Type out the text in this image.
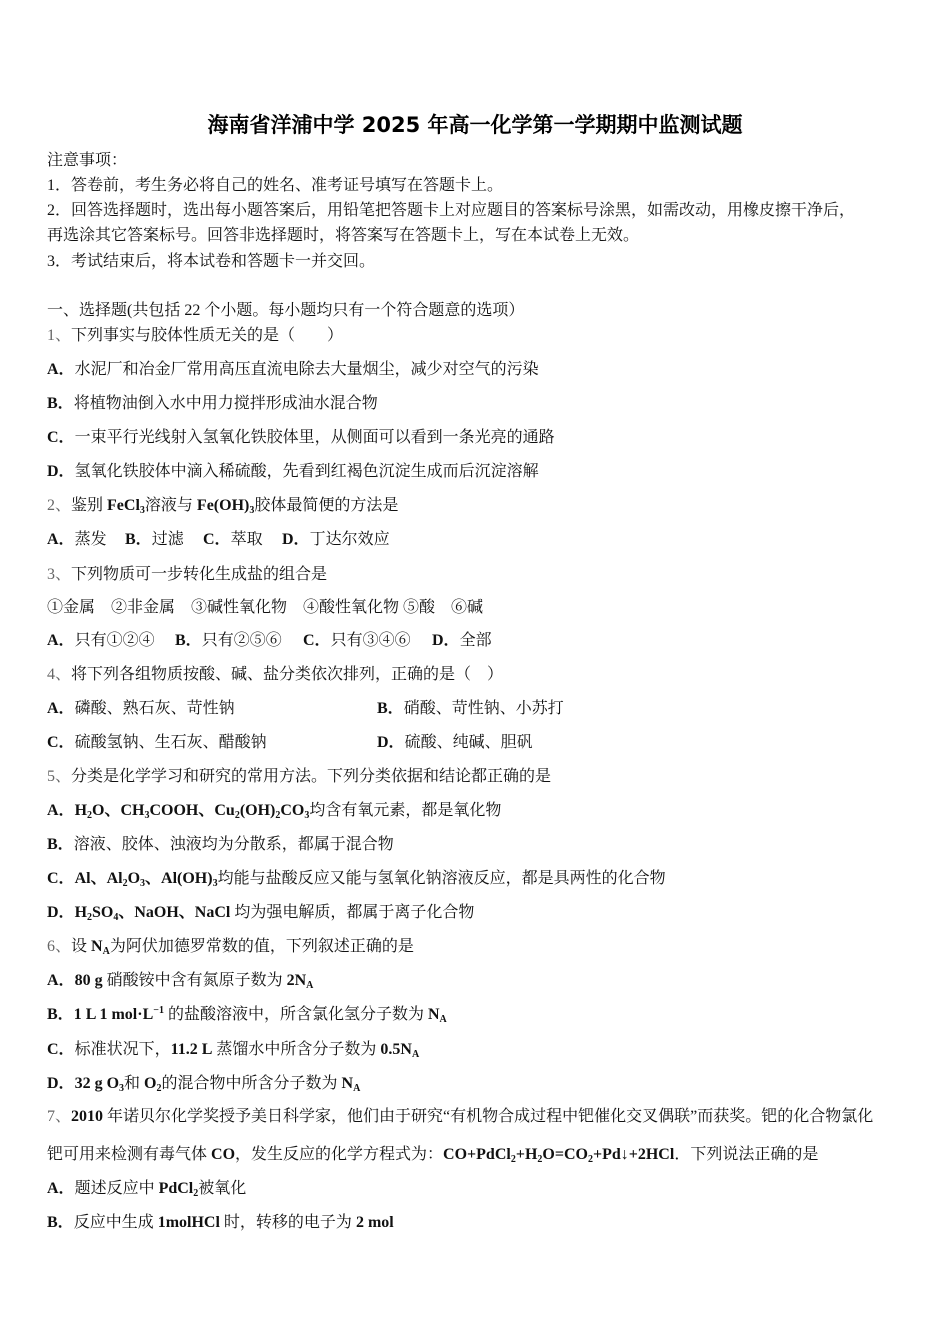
海南省洋浦中学 2025 年高一化学第一学期期中监测试题
注意事项：
1．答卷前，考生务必将自己的姓名、准考证号填写在答题卡上。
2．回答选择题时，选出每小题答案后，用铅笔把答题卡上对应题目的答案标号涂黑，如需改动，用橡皮擦干净后，
再选涂其它答案标号。回答非选择题时，将答案写在答题卡上，写在本试卷上无效。
3．考试结束后，将本试卷和答题卡一并交回。
一、选择题(共包括 22 个小题。每小题均只有一个符合题意的选项）
1、下列事实与胶体性质无关的是（　　）
A．水泥厂和冶金厂常用高压直流电除去大量烟尘，减少对空气的污染
B．将植物油倒入水中用力搅拌形成油水混合物
C．一束平行光线射入氢氧化铁胶体里，从侧面可以看到一条光亮的通路
D．氢氧化铁胶体中滴入稀硫酸，先看到红褐色沉淀生成而后沉淀溶解
2、鉴别 FeCl$_3$溶液与 $Fe(OH)_3$胶体最简便的方法是
A．蒸发 B．过滤 C．萃取 D．丁达尔效应
3、下列物质可一步转化生成盐的组合是
①金属　②非金属　③碱性氧化物　④酸性氧化物 ⑤酸　⑥碱
A．只有①②④ B．只有②⑤⑥ C．只有③④⑥ D．全部
4、将下列各组物质按酸、碱、盐分类依次排列，正确的是（　）
A．磷酸、熟石灰、苛性钠	B．硝酸、苛性钠、小苏打
C．硫酸氢钠、生石灰、醋酸钠	D．硫酸、纯碱、胆矾
5、分类是化学学习和研究的常用方法。下列分类依据和结论都正确的是
A．$H_2O$、$CH_3COOH$、$Cu_2(OH)_2CO_3$均含有氧元素，都是氧化物
B．溶液、胶体、浊液均为分散系，都属于混合物
C．Al、$Al_2O_3$、$Al(OH)_3$均能与盐酸反应又能与氢氧化钠溶液反应，都是具两性的化合物
D．$H_2SO_4$、NaOH、NaCl 均为强电解质，都属于离子化合物
6、设 $N_A$为阿伏加德罗常数的值，下列叙述正确的是
A．80 g 硝酸铵中含有氮原子数为 $2N_A$
B．1 L 1 $mol\cdot L^{-1}$ 的盐酸溶液中，所含氯化氢分子数为 $N_A$
C．标准状况下，11.2 L 蒸馏水中所含分子数为 $0.5N_A$
D．32 g $O_3$和 $O_2$的混合物中所含分子数为 $N_A$
7、2010 年诺贝尔化学奖授予美日科学家，他们由于研究“有机物合成过程中钯催化交叉偶联”而获奖。钯的化合物氯化
钯可用来检测有毒气体 CO，发生反应的化学方程式为：$CO+PdCl_2+H_2O=CO_2+Pd↓+2HCl$．下列说法正确的是
A．题述反应中 PdCl$_2$被氧化
B．反应中生成 1molHCl 时，转移的电子为 2 mol
